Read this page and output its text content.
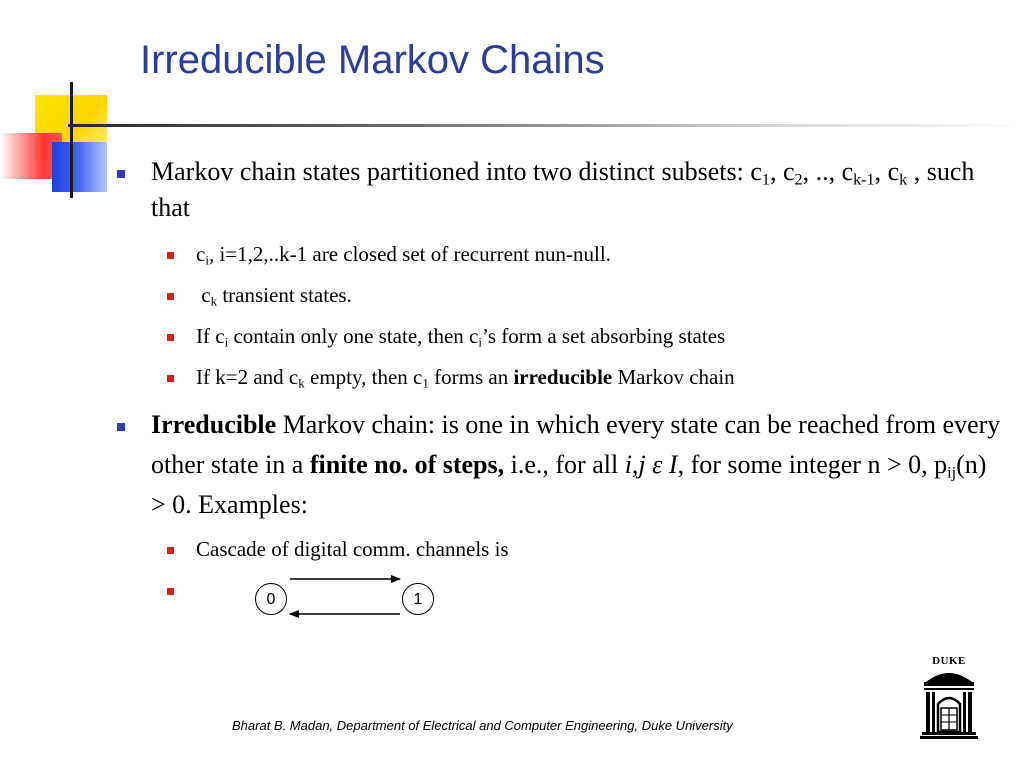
Irreducible Markov Chains
Markov chain states partitioned into two distinct subsets: $c_1$, $c_2$, .., $c_{k-1}$, $c_k$ , such that
$c_i$, i=1,2,..k-1 are closed set of recurrent nun-null.
$c_k$ transient states.
If $c_i$ contain only one state, then $c_i’s$ form a set absorbing states
If k=2 and $c_k$ empty, then $c_1$ forms an irreducible Markov chain
Irreducible Markov chain: is one in which every state can be reached from every other state in a finite no. of steps, i.e., for all i,j ε I, for some integer n > 0, $p_{ij}(n) > 0$. Examples:
Cascade of digital comm. channels is
0	1
DUKE
Bharat B. Madan, Department of Electrical and Computer Engineering, Duke University
